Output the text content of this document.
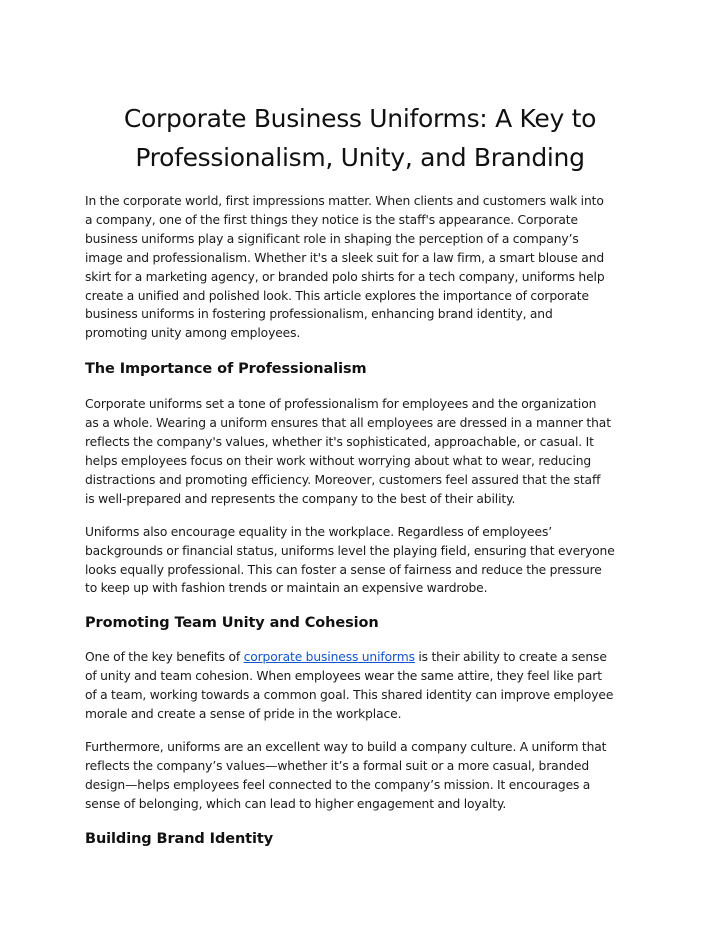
Corporate Business Uniforms: A Key to
Professionalism, Unity, and Branding

In the corporate world, first impressions matter. When clients and customers walk into
a company, one of the first things they notice is the staff's appearance. Corporate
business uniforms play a significant role in shaping the perception of a company’s
image and professionalism. Whether it's a sleek suit for a law firm, a smart blouse and
skirt for a marketing agency, or branded polo shirts for a tech company, uniforms help
create a unified and polished look. This article explores the importance of corporate
business uniforms in fostering professionalism, enhancing brand identity, and
promoting unity among employees.

The Importance of Professionalism

Corporate uniforms set a tone of professionalism for employees and the organization
as a whole. Wearing a uniform ensures that all employees are dressed in a manner that
reflects the company's values, whether it's sophisticated, approachable, or casual. It
helps employees focus on their work without worrying about what to wear, reducing
distractions and promoting efficiency. Moreover, customers feel assured that the staff
is well-prepared and represents the company to the best of their ability.

Uniforms also encourage equality in the workplace. Regardless of employees’
backgrounds or financial status, uniforms level the playing field, ensuring that everyone
looks equally professional. This can foster a sense of fairness and reduce the pressure
to keep up with fashion trends or maintain an expensive wardrobe.

Promoting Team Unity and Cohesion

One of the key benefits of corporate business uniforms is their ability to create a sense
of unity and team cohesion. When employees wear the same attire, they feel like part
of a team, working towards a common goal. This shared identity can improve employee
morale and create a sense of pride in the workplace.

Furthermore, uniforms are an excellent way to build a company culture. A uniform that
reflects the company’s values—whether it’s a formal suit or a more casual, branded
design—helps employees feel connected to the company’s mission. It encourages a
sense of belonging, which can lead to higher engagement and loyalty.

Building Brand Identity
